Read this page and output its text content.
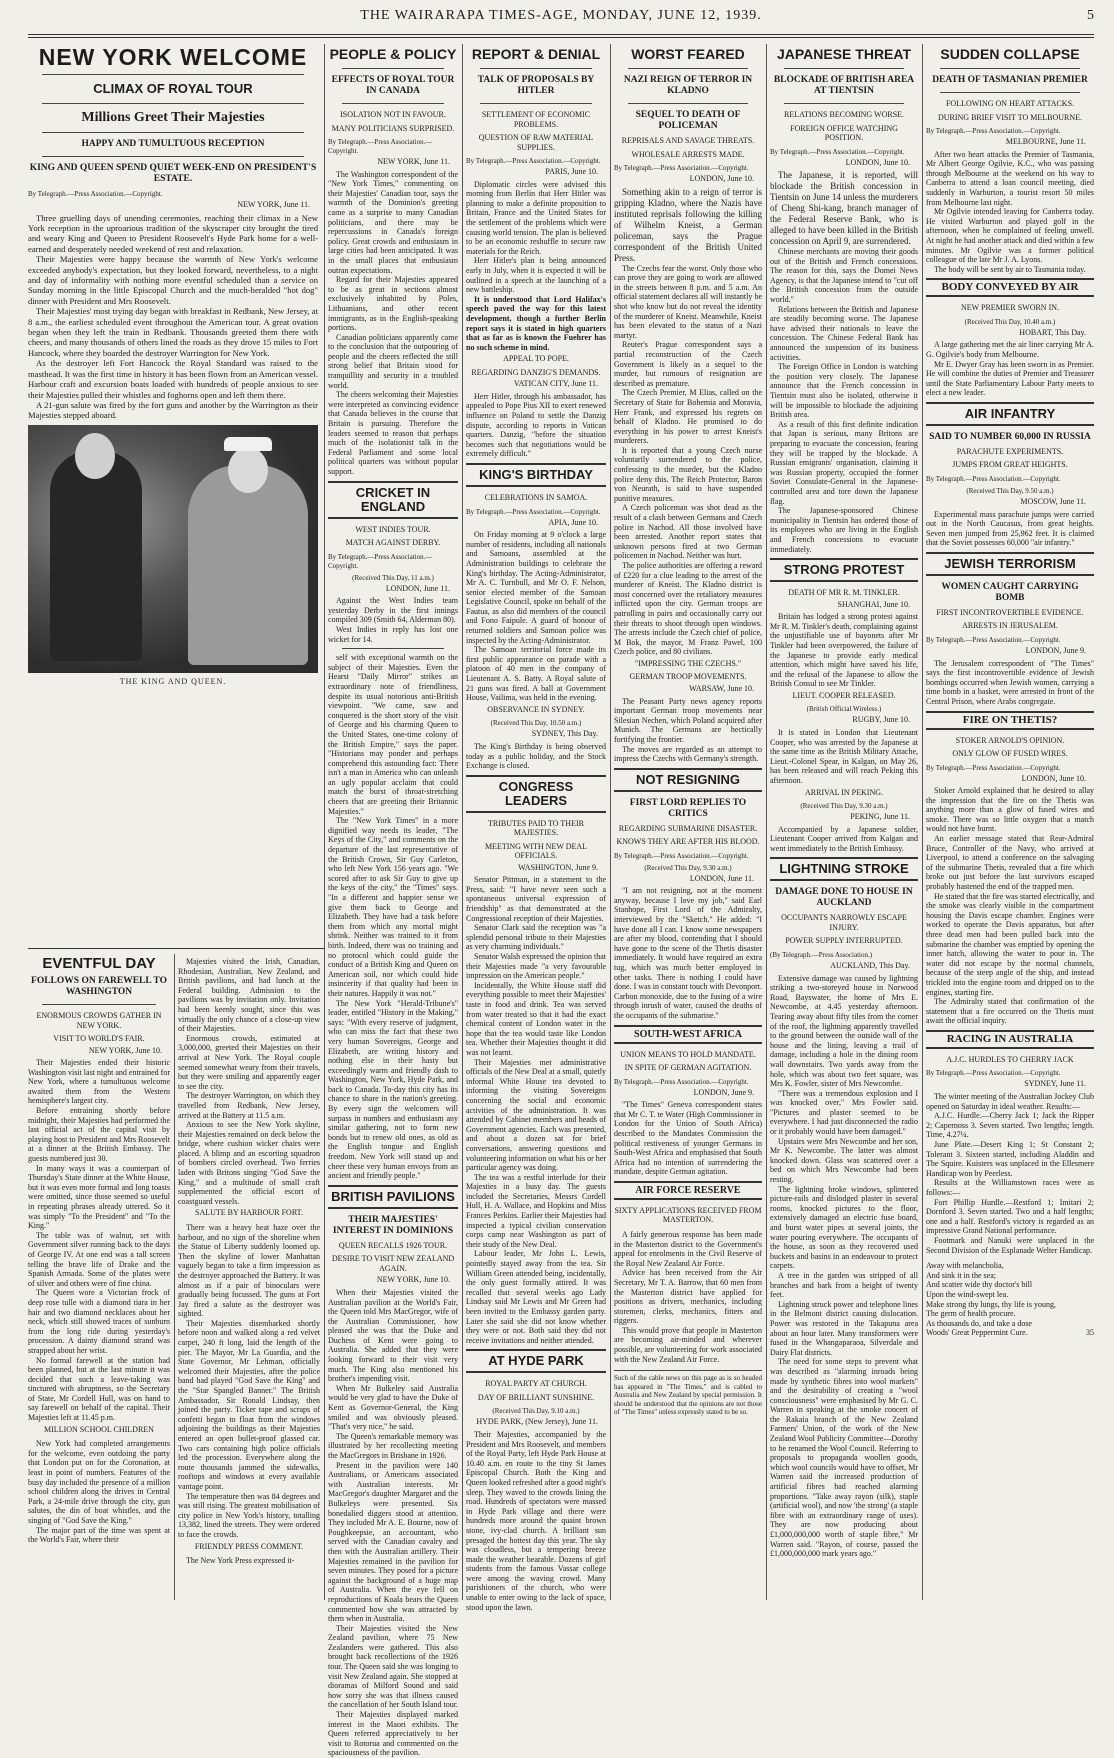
THE WAIRARAPA TIMES-AGE, MONDAY, JUNE 12, 1939.	5
NEW YORK WELCOME
CLIMAX OF ROYAL TOUR
Millions Greet Their Majesties
HAPPY AND TUMULTUOUS RECEPTION
KING AND QUEEN SPEND QUIET WEEK-END ON PRESIDENT'S ESTATE.
By Telegraph.—Press Association.—Copyright.
NEW YORK, June 11.

Three gruelling days of unending ceremonies, reaching their climax in a New York reception in the uproarious tradition of the skyscraper city brought the tired and weary King and Queen to President Roosevelt's Hyde Park home for a well-earned and desperately needed weekend of rest and relaxation.

Their Majesties were happy because the warmth of New York's welcome exceeded anybody's expectation, but they looked forward, nevertheless, to a night and day of informality with nothing more eventful scheduled than a service on Sunday morning in the little Episcopal Church and the much-heralded "hot dog" dinner with President and Mrs Roosevelt.

Their Majesties' most trying day began with breakfast in Redbank, New Jersey, at 8 a.m., the earliest scheduled event throughout the American tour. A great ovation began when they left the train in Redbank. Thousands greeted them there with cheers, and many thousands of others lined the roads as they drove 15 miles to Fort Hancock, where they boarded the destroyer Warrington for New York.

As the destroyer left Fort Hancock the Royal Standard was raised to the masthead. It was the first time in history it has been flown from an American vessel. Harbour craft and excursion boats loaded with hundreds of people anxious to see their Majesties pulled their whistles and foghorns open and left them there.

A 21-gun salute was fired by the fort guns and another by the Warrington as their Majesties stepped aboard.

THE KING AND QUEEN.
EVENTFUL DAY
FOLLOWS ON FAREWELL TO WASHINGTON
ENORMOUS CROWDS GATHER IN NEW YORK.
VISIT TO WORLD'S FAIR.
NEW YORK, June 10.

Their Majesties ended their historic Washington visit last night and entrained for New York, where a tumultuous welcome awaited them from the Western hemisphere's largest city.

Before entraining shortly before midnight, their Majesties had performed the last official act of the capital visit by playing host to President and Mrs Roosevelt at a dinner at the British Embassy. The guests numbered just 30.

In many ways it was a counterpart of Thursday's State dinner at the White House, but it was even more formal and long toasts were omitted, since those seemed so useful in repeating phrases already uttered. So it was simply "To the President" and "To the King."

The table was of walnut, set with Government silver running back to the days of George IV. At one end was a tall screen telling the brave life of Drake and the Spanish Armada. Some of the plates were of silver and others were of fine china.

The Queen wore a Victorian frock of deep rose tulle with a diamond tiara in her hair and two diamond necklaces about her neck, which still showed traces of sunburn from the long ride during yesterday's procession. A dainty diamond strand was strapped about her wrist.

No formal farewell at the station had been planned, but at the last minute it was decided that such a leave-taking was tinctured with abruptness, so the Secretary of State, Mr Cordell Hull, was on hand to say farewell on behalf of the capital. Their Majesties left at 11.45 p.m.

MILLION SCHOOL CHILDREN

New York had completed arrangements for the welcome, even outdoing the party that London put on for the Coronation, at least in point of numbers. Features of the busy day included the presence of a million school children along the drives in Central Park, a 24-mile drive through the city, gun salutes, the din of boat whistles, and the singing of "God Save the King."

The major part of the time was spent at the World's Fair, where their

Majesties visited the Irish, Canadian, Rhodesian, Australian, New Zealand, and British pavilions, and had lunch at the Federal building. Admission to the pavilions was by invitation only. Invitation had been keenly sought, since this was virtually the only chance of a close-up view of their Majesties.

Enormous crowds, estimated at 3,000,000, greeted their Majesties on their arrival at New York. The Royal couple seemed somewhat weary from their travels, but they were smiling and apparently eager to see the city.

The destroyer Warrington, on which they travelled from Redbank, New Jersey, arrived at the Battery at 11.5 a.m.

Anxious to see the New York skyline, their Majesties remained on deck below the bridge, where cushion wicker chairs were placed. A blimp and an escorting squadron of bombers circled overhead. Two ferries laden with Britons singing "God Save the King," and a multitude of small craft supplemented the official escort of coastguard vessels.

SALUTE BY HARBOUR FORT.

There was a heavy heat haze over the harbour, and no sign of the shoreline when the Statue of Liberty suddenly loomed up. Then the skyline of lower Manhattan vaguely began to take a firm impression as the destroyer approached the Battery. It was almost as if a pair of binoculars were gradually being focussed. The guns at Fort Jay fired a salute as the destroyer was sighted.

Their Majesties disembarked shortly before noon and walked along a red velvet carpet, 240 ft long, laid the length of the pier. The Mayor, Mr La Guardia, and the State Governor, Mr Lehman, officially welcomed their Majesties, after the police band had played "God Save the King" and the "Star Spangled Banner." The British Ambassador, Sir Ronald Lindsay, then joined the party. Ticker tape and scraps of confetti began to float from the windows adjoining the buildings as their Majesties entered an open bullet-proof glassed car. Two cars containing high police officials led the procession. Everywhere along the route thousands jammed the sidewalks, rooftops and windows at every available vantage point.

The temperature then was 84 degrees and was still rising. The greatest mobilisation of city police in New York's history, totalling 13,382, lined the streets. They were ordered to face the crowds.

FRIENDLY PRESS COMMENT.

The New York Press expressed it-

PEOPLE & POLICY
EFFECTS OF ROYAL TOUR IN CANADA
ISOLATION NOT IN FAVOUR.
MANY POLITICIANS SURPRISED.
By Telegraph.—Press Association.—Copyright.
NEW YORK, June 11.

The Washington correspondent of the "New York Times," commenting on their Majesties' Canadian tour, says the warmth of the Dominion's greeting came as a surprise to many Canadian politicians, and there may be repercussions in Canada's foreign policy. Great crowds and enthusiasm in large cities had been anticipated. It was in the small places that enthusiasm outran expectations.

Regard for their Majesties appeared to be as great in sections almost exclusively inhabited by Poles, Lithuanians, and other recent immigrants, as in the English-speaking portions.

Canadian politicians apparently came to the conclusion that the outpouring of people and the cheers reflected the still strong belief that Britain stood for tranquillity and security in a troubled world.

The cheers welcoming their Majesties were interpreted as convincing evidence that Canada believes in the course that Britain is pursuing. Therefore the leaders seemed to reason that perhaps much of the isolationist talk in the Federal Parliament and some local political quarters was without popular support.

CRICKET IN ENGLAND
WEST INDIES TOUR.
MATCH AGAINST DERBY.
By Telegraph.—Press Association.—Copyright.
(Received This Day, 11 a.m.)
LONDON, June 11.

Against the West Indies team yesterday Derby in the first innings compiled 309 (Smith 64, Alderman 80).

West Indies in reply has lost one wicket for 14.

self with exceptional warmth on the subject of their Majesties. Even the Hearst "Daily Mirror" strikes an extraordinary note of friendliness, despite its usual notorious anti-British viewpoint. "We came, saw and conquered is the short story of the visit of George and his charming Queen to the United States, one-time colony of the British Empire," says the paper. "Historians may ponder and perhaps comprehend this astounding fact: There isn't a man in America who can unleash an ugly popular acclaim that could match the burst of throat-stretching cheers that are greeting their Britannic Majesties."

The "New York Times" in a more dignified way needs its leader, "The Keys of the City," and comments on the departure of the last representative of the British Crown, Sir Guy Carleton, who left New York 156 years ago. "We scored after to ask Sir Guy to give up the keys of the city," the "Times" says. "In a different and happier sense we give them back to George and Elizabeth. They have had a task before them from which any mortal might shrink. Neither was trained to it from birth. Indeed, there was no training and no protocol which could guide the conduct of a British King and Queen on American soil, nor which could hide insincerity if that quality had been in their natures. Happily it was not."

The New York "Herald-Tribune's" leader, entitled "History in the Making," says: "With every reserve of judgment, who can miss the fact that these two very human Sovereigns, George and Elizabeth, are writing history and nothing else in their hasty but exceedingly warm and friendly dash to Washington, New York, Hyde Park, and back to Canada. To-day this city has its chance to share in the nation's greeting. By every sign the welcomers will surpass in numbers and enthusiasm any similar gathering, not to form new bonds but to renew old ones, as old as the English tongue and English freedom. New York will stand up and cheer these very human envoys from an ancient and friendly people."

BRITISH PAVILIONS
THEIR MAJESTIES' INTEREST IN DOMINIONS
QUEEN RECALLS 1926 TOUR.
DESIRE TO VISIT NEW ZEALAND AGAIN.
NEW YORK, June 10.

When their Majesties visited the Australian pavilion at the World's Fair, the Queen told Mrs MacGregor, wife of the Australian Commissioner, how pleased she was that the Duke and Duchess of Kent were going to Australia. She added that they were looking forward to their visit very much. The King also mentioned his brother's impending visit.

When Mr Bulkeley said Australia would be very glad to have the Duke of Kent as Governor-General, the King smiled and was obviously pleased. "That's very nice," he said.

The Queen's remarkable memory was illustrated by her recollecting meeting the MacGregors in Brisbane in 1926.

Present in the pavilion were 140 Australians, or Americans associated with Australian interests. Mr MacGregor's daughter Margaret and the Bulkeleys were presented. Six bonedalied diggers stood at attention. They included Mr A. E. Bourne, now of Poughkeepsie, an accountant, who served with the Canadian cavalry and then with the Australian artillery. Their Majesties remained in the pavilion for seven minutes. They posed for a picture against the background of a huge map of Australia. When the eye fell on reproductions of Koala bears the Queen commented how she was attracted by them when in Australia.

Their Majesties visited the New Zealand pavilion, where 75 New Zealanders were gathered. This also brought back recollections of the 1926 tour. The Queen said she was longing to visit New Zealand again. She stopped at dioramas of Milford Sound and said how sorry she was that illness caused the cancellation of her South Island tour.

Their Majesties displayed marked interest in the Maori exhibits. The Queen referred appreciatively to her visit to Rotorua and commented on the spaciousness of the pavilion.

REPORT & DENIAL
TALK OF PROPOSALS BY HITLER
SETTLEMENT OF ECONOMIC PROBLEMS.
QUESTION OF RAW MATERIAL SUPPLIES.
By Telegraph.—Press Association.—Copyright.
PARIS, June 10.

Diplomatic circles were advised this morning from Berlin that Herr Hitler was planning to make a definite proposition to Britain, France and the United States for the settlement of the problems which were causing world tension. The plan is believed to be an economic reshuffle to secure raw materials for the Reich.

Herr Hitler's plan is being announced early in July, when it is expected it will be outlined in a speech at the launching of a new battleship.

It is understood that Lord Halifax's speech paved the way for this latest development, though a further Berlin report says it is stated in high quarters that as far as is known the Fuehrer has no such scheme in mind.

APPEAL TO POPE.
REGARDING DANZIG'S DEMANDS.
VATICAN CITY, June 11.

Herr Hitler, through his ambassador, has appealed to Pope Pius XII to exert renewed influence on Poland to settle the Danzig dispute, according to reports in Vatican quarters. Danzig, "before the situation becomes such that negotiations would be extremely difficult."

KING'S BIRTHDAY
CELEBRATIONS IN SAMOA.
By Telegraph.—Press Association.—Copyright.
APIA, June 10.

On Friday morning at 9 o'clock a large number of residents, including all nationals and Samoans, assembled at the Administration buildings to celebrate the King's birthday. The Acting-Administrator, Mr A. C. Turnbull, and Mr O. F. Nelson, senior elected member of the Samoan Legislative Council, spoke on behalf of the Fautua, as also did members of the council and Fono Faipule. A guard of honour of returned soldiers and Samoan police was inspected by the Acting-Administrator.

The Samoan territorial force made its first public appearance on parade with a platoon of 40 men in the company of Lieutenant A. S. Batty. A Royal salute of 21 guns was fired. A ball at Government House, Vailima, was held in the evening.

OBSERVANCE IN SYDNEY.
(Received This Day, 10.50 a.m.)
SYDNEY, This Day.

The King's Birthday is being observed today as a public holiday, and the Stock Exchange is closed.

CONGRESS LEADERS
TRIBUTES PAID TO THEIR MAJESTIES.
MEETING WITH NEW DEAL OFFICIALS.
WASHINGTON, June 9.

Senator Pittman, in a statement to the Press, said: "I have never seen such a spontaneous universal expression of friendship" as that demonstrated at the Congressional reception of their Majesties.

Senator Clark said the reception was "a splendid personal tribute to their Majesties as very charming individuals."

Senator Walsh expressed the opinion that their Majesties made "a very favourable impression on the American people."

Incidentally, the White House staff did everything possible to meet their Majesties' taste in food and drink. Tea was served from water treated so that it had the exact chemical content of London water in the hope that the tea would taste like London tea. Whether their Majesties thought it did was not learnt.

Their Majesties met administrative officials of the New Deal at a small, quietly informal White House tea devoted to informing the visiting Sovereigns concerning the social and economic activities of the administration. It was attended by Cabinet members and heads of Government agencies. Each was presented, and about a dozen sat for brief conversations, answering questions and volunteering information on what his or her particular agency was doing.

The tea was a restful interlude for their Majesties in a busy day. The guests included the Secretaries, Messrs Cordell Hull, H. A. Wallace, and Hopkins and Miss Frances Perkins. Earlier their Majesties had inspected a typical civilian conservation corps camp near Washington as part of their study of the New Deal.

Labour leader, Mr John L. Lewis, pointedly stayed away from the tea. Sir William Green attended being, incidentally, the only guest formally attired. It was recalled that several weeks ago Lady Lindsay said Mr Lewis and Mr Green had been invited to the Embassy garden party. Later she said she did not know whether they were or not. Both said they did not receive invitations and neither attended.

AT HYDE PARK
ROYAL PARTY AT CHURCH.
DAY OF BRILLIANT SUNSHINE.
(Received This Day, 9.10 a.m.)
HYDE PARK, (New Jersey), June 11.

Their Majesties, accompanied by the President and Mrs Roosevelt, and members of the Royal Party, left Hyde Park House at 10.40 a.m. en route to the tiny St James Episcopal Church. Both the King and Queen looked refreshed after a good night's sleep. They waved to the crowds lining the road. Hundreds of spectators were massed in Hyde Park village and there were hundreds more around the quaint brown stone, ivy-clad church. A brilliant sun presaged the hottest day this year. The sky was cloudless, but a tempering breeze made the weather bearable. Dozens of girl students from the famous Vassar college were among the waving crowd. Many parishioners of the church, who were unable to enter owing to the lack of space, stood upon the lawn.

WORST FEARED
NAZI REIGN OF TERROR IN KLADNO
SEQUEL TO DEATH OF POLICEMAN
REPRISALS AND SAVAGE THREATS.
WHOLESALE ARRESTS MADE.
By Telegraph.—Press Association.—Copyright.
LONDON, June 10.

Something akin to a reign of terror is gripping Kladno, where the Nazis have instituted reprisals following the killing of Wilhelm Kneist, a German policeman, says the Prague correspondent of the British United Press.

The Czechs fear the worst. Only those who can prove they are going to work are allowed in the streets between 8 p.m. and 5 a.m. An official statement declares all will instantly be shot who know but do not reveal the identity of the murderer of Kneist. Meanwhile, Kneist has been elevated to the status of a Nazi martyr.

Reuter's Prague correspondent says a partial reconstruction of the Czech Government is likely as a sequel to the murder, but rumours of resignation are described as premature.

The Czech Premier, M Elias, called on the Secretary of State for Bohemia and Moravia, Herr Frank, and expressed his regrets on behalf of Kladno. He promised to do everything in his power to arrest Kneist's murderers.

It is reported that a young Czech nurse voluntarily surrendered to the police, confessing to the murder, but the Kladno police deny this. The Reich Protector, Baron von Neurath, is said to have suspended punitive measures.

A Czech policeman was shot dead as the result of a clash between Germans and Czech police in Nachod. All those involved have been arrested. Another report states that unknown persons fired at two German policemen in Nachod. Neither was hurt.

The police authorities are offering a reward of £220 for a clue leading to the arrest of the murderer of Kneist. The Kladno district is most concerned over the retaliatory measures inflicted upon the city. German troops are patrolling in pairs and occasionally carry out their threats to shoot through open windows. The arrests include the Czech chief of police, M Bok, the mayor, M Franz Pawel, 100 Czech police, and 80 civilians.

"IMPRESSING THE CZECHS."
GERMAN TROOP MOVEMENTS.
WARSAW, June 10.

The Peasant Party news agency reports important German troop movements near Silesian Nechen, which Poland acquired after Munich. The Germans are hectically fortifying the frontier.

The moves are regarded as an attempt to impress the Czechs with Germany's strength.

NOT RESIGNING
FIRST LORD REPLIES TO CRITICS
REGARDING SUBMARINE DISASTER.
KNOWS THEY ARE AFTER HIS BLOOD.
By Telegraph.—Press Association.—Copyright.
(Received This Day, 9.30 a.m.)
LONDON, June 11.

"I am not resigning, not at the moment anyway, because I love my job," said Earl Stanhope, First Lord of the Admiralty, interviewed by the "Sketch." He added: "I have done all I can. I know some newspapers are after my blood, contending that I should have gone to the scene of the Thetis disaster immediately. It would have required an extra tug, which was much better employed in other tasks. There is nothing I could have done. I was in constant touch with Devonport. Carbon monoxide, due to the fusing of a wire through inrush of water, caused the deaths of the occupants of the submarine."

SOUTH-WEST AFRICA
UNION MEANS TO HOLD MANDATE.
IN SPITE OF GERMAN AGITATION.
By Telegraph.—Press Association.—Copyright.
LONDON, June 9.

"The Times" Geneva correspondent states that Mr C. T. te Water (High Commissioner in London for the Union of South Africa) described to the Mandates Commission the political restiveness of younger Germans in South-West Africa and emphasised that South Africa had no intention of surrendering the mandate, despite German agitation.

AIR FORCE RESERVE
SIXTY APPLICATIONS RECEIVED FROM MASTERTON.

A fairly generous response has been made in the Masterton district to the Government's appeal for enrolments in the Civil Reserve of the Royal New Zealand Air Force.

Advice has been received from the Air Secretary, Mr T. A. Barrow, that 60 men from the Masterton district have applied for positions as drivers, mechanics, including storemen, clerks, mechanics, fitters and riggers.

This would prove that people in Masterton are becoming air-minded and wherever possible, are volunteering for work associated with the New Zealand Air Force.

Such of the cable news on this page as is so headed has appeared in "The Times," and is cabled to Australia and New Zealand by special permission. It should be understood that the opinions are not those of "The Times" unless expressly stated to be so.
JAPANESE THREAT
BLOCKADE OF BRITISH AREA AT TIENTSIN
RELATIONS BECOMING WORSE.
FOREIGN OFFICE WATCHING POSITION.
By Telegraph.—Press Association.—Copyright.
LONDON, June 10.

The Japanese, it is reported, will blockade the British concession in Tientsin on June 14 unless the murderers of Cheng Shi-kang, branch manager of the Federal Reserve Bank, who is alleged to have been killed in the British concession on April 9, are surrendered.

Chinese merchants are moving their goods out of the British and French concessions. The reason for this, says the Domei News Agency, is that the Japanese intend to "cut off the British concession from the outside world."

Relations between the British and Japanese are steadily becoming worse. The Japanese have advised their nationals to leave the concession. The Chinese Federal Bank has announced the suspension of its business activities.

The Foreign Office in London is watching the position very closely. The Japanese announce that the French concession in Tientsin must also be isolated, otherwise it will be impossible to blockade the adjoining British area.

As a result of this first definite indication that Japan is serious, many Britons are preparing to evacuate the concession, fearing they will be trapped by the blockade. A Russian emigrants' organisation, claiming it was Russian property, occupied the former Soviet Consulate-General in the Japanese-controlled area and tore down the Japanese flag.

The Japanese-sponsored Chinese municipality in Tientsin has ordered those of its employees who are living in the English and French concessions to evacuate immediately.

STRONG PROTEST
DEATH OF MR R. M. TINKLER.
SHANGHAI, June 10.

Britain has lodged a strong protest against Mr R. M. Tinkler's death, complaining against the unjustifiable use of bayonets after Mr Tinkler had been overpowered, the failure of the Japanese to provide early medical attention, which might have saved his life, and the refusal of the Japanese to allow the British Consul to see Mr Tinkler.

LIEUT. COOPER RELEASED.
(British Official Wireless.)
RUGBY, June 10.

It is stated in London that Lieutenant Cooper, who was arrested by the Japanese at the same time as the British Military Attache, Lieut.-Colonel Spear, in Kalgan, on May 26, has been released and will reach Peking this afternoon.

ARRIVAL IN PEKING.
(Received This Day, 9.30 a.m.)
PEKING, June 11.

Accompanied by a Japanese soldier, Lieutenant Cooper arrived from Kalgan and went immediately to the British Embassy.

LIGHTNING STROKE
DAMAGE DONE TO HOUSE IN AUCKLAND
OCCUPANTS NARROWLY ESCAPE INJURY.
POWER SUPPLY INTERRUPTED.
(By Telegraph.—Press Association.)
AUCKLAND, This Day.

Extensive damage was caused by lightning striking a two-storeyed house in Norwood Road, Bayswater, the home of Mrs E. Newcombe, at 4.45 yesterday afternoon. Tearing away about fifty tiles from the corner of the roof, the lightning apparently travelled to the ground between the outside wall of the house and the lining, leaving a trail of damage, including a hole in the dining room wall downstairs. Two yards away from the hole, which was about two feet square, was Mrs K. Fowler, sister of Mrs Newcombe.

"There was a tremendous explosion and I was knocked over," Mrs Fowler said. "Pictures and plaster seemed to be everywhere. I had just disconnected the radio or it probably would have been damaged."

Upstairs were Mrs Newcombe and her son, Mr K. Newcombe. The latter was almost knocked down. Glass was scattered over a bed on which Mrs Newcombe had been resting.

The lightning broke windows, splintered picture-rails and dislodged plaster in several rooms, knocked pictures to the floor, extensively damaged an electric fuse board, and burst water pipes at several joints, the water pouring everywhere. The occupants of the house, as soon as they recovered used buckets and basins in an endeavour to protect carpets.

A tree in the garden was stripped of all branches and bark from a height of twenty feet.

Lightning struck power and telephone lines in the Belmont district causing dislocation. Power was restored in the Takapuna area about an hour later. Many transformers were fused in the Whangaparaoa, Silverdale and Dairy Flat districts.

The need for some steps to prevent what was described as "alarming inroads being made by synthetic fibres into wool markets" and the desirability of creating a "wool consciousness" were emphasised by Mr G. C. Warren in speaking at the smoke concert of the Rakaia branch of the New Zealand Farmers' Union, of the work of the New Zealand Wool Publicity Committee—Dorothy to be renamed the Wool Council. Referring to proposals to propaganda woollen goods, which wool councils would have to offset, Mr Warren said the increased production of artificial fibres had reached alarming proportions. "Take away rayon (silk), staple (artificial wool), and now 'the strong' (a staple fibre with an extraordinary range of uses). They are now producing about £1,000,000,000 worth of staple fibre," Mr Warren said. "Rayon, of course, passed the £1,000,000,000 mark years ago."

SUDDEN COLLAPSE
DEATH OF TASMANIAN PREMIER
FOLLOWING ON HEART ATTACKS.
DURING BRIEF VISIT TO MELBOURNE.
By Telegraph.—Press Association.—Copyright.
MELBOURNE, June 11.

After two heart attacks the Premier of Tasmania, Mr Albert George Ogilvie, K.C., who was passing through Melbourne at the weekend on his way to Canberra to attend a loan council meeting, died suddenly in Warburton, a tourist resort 50 miles from Melbourne last night.

Mr Ogilvie intended leaving for Canberra today. He visited Warburton and played golf in the afternoon, when he complained of feeling unwell. At night he had another attack and died within a few minutes. Mr Ogilvie was a former political colleague of the late Mr J. A. Lyons.

The body will be sent by air to Tasmania today.

BODY CONVEYED BY AIR
NEW PREMIER SWORN IN.
(Received This Day, 10.40 a.m.)
HOBART, This Day.

A large gathering met the air liner carrying Mr A. G. Ogilvie's body from Melbourne.

Mr E. Dwyer Gray has been sworn in as Premier. He will combine the duties of Premier and Treasurer until the State Parliamentary Labour Party meets to elect a new leader.

AIR INFANTRY
SAID TO NUMBER 60,000 IN RUSSIA
PARACHUTE EXPERIMENTS.
JUMPS FROM GREAT HEIGHTS.
By Telegraph.—Press Association.—Copyright.
(Received This Day, 9.50 a.m.)
MOSCOW, June 11.

Experimental mass parachute jumps were carried out in the North Caucasus, from great heights. Seven men jumped from 25,962 feet. It is claimed that the Soviet possesses 60,000 "air infantry."

JEWISH TERRORISM
WOMEN CAUGHT CARRYING BOMB
FIRST INCONTROVERTIBLE EVIDENCE.
ARRESTS IN JERUSALEM.
By Telegraph.—Press Association.—Copyright.
LONDON, June 9.

The Jerusalem correspondent of "The Times" says the first incontrovertible evidence of Jewish bombings occurred when Jewish women, carrying a time bomb in a basket, were arrested in front of the Central Prison, where Arabs congregate.

FIRE ON THETIS?
STOKER ARNOLD'S OPINION.
ONLY GLOW OF FUSED WIRES.
By Telegraph.—Press Association.—Copyright.
LONDON, June 10.

Stoker Arnold explained that he desired to allay the impression that the fire on the Thetis was anything more than a glow of fused wires and smoke. There was so little oxygen that a match would not have burnt.

An earlier message stated that Rear-Admiral Bruce, Controller of the Navy, who arrived at Liverpool, to attend a conference on the salvaging of the submarine Thetis, revealed that a fire which broke out just before the last survivors escaped probably hastened the end of the trapped men.

He stated that the fire was started electrically, and the smoke was clearly visible in the compartment housing the Davis escape chamber. Engines were worked to operate the Davis apparatus, but after three dead men had been pulled back into the submarine the chamber was emptied by opening the inner hatch, allowing the water to pour in. The water did not escape by the normal channels, because of the steep angle of the ship, and instead trickled into the engine room and dripped on to the engines, starting fire.

The Admiralty stated that confirmation of the statement that a fire occurred on the Thetis must await the official inquiry.

RACING IN AUSTRALIA
A.J.C. HURDLES TO CHERRY JACK
By Telegraph.—Press Association.—Copyright.
SYDNEY, June 11.

The winter meeting of the Australian Jockey Club opened on Saturday in ideal weather. Results:—

A.J.C. Hurdle.—Cherry Jack 1; Jack the Ripper 2; Capernoss 3. Seven started. Two lengths; length. Time, 4.27¼.

June Plate.—Desert King 1; St Constant 2; Tolerant 3. Sixteen started, including Aladdin and The Squire. Kuisters was unplaced in the Ellesmere Handicap won by Peerless.

Results at the Williamstown races were as follows:—

Fort Phillip Hurdle.—Restford 1; Imitari 2; Dornford 3. Seven started. Two and a half lengths; one and a half. Restford's victory is regarded as an impressive Grand National performance.

Footmark and Nanuki were unplaced in the Second Division of the Esplanade Welter Handicap.

Away with melancholia,
And sink it in the sea;
And scatter wide thy doctor's bill
Upon the wind-swept lea.
Make strong thy lungs, thy life is young,
The germ of health procure.
As thousands do, and take a dose
Woods' Great Peppermint Cure.	35
